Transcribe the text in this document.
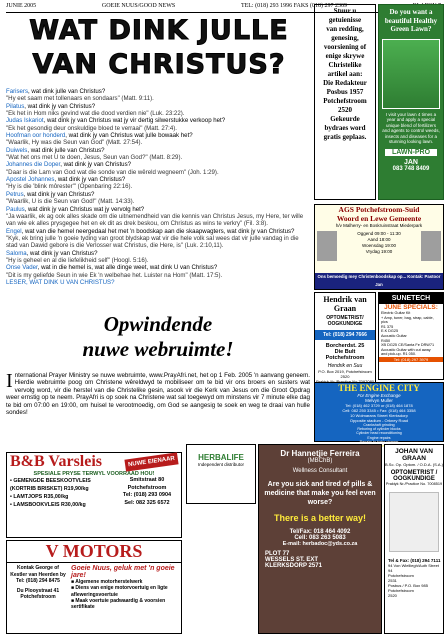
JUNIE 2005	GOEIE NUUS/GOOD NEWS	TEL: (018) 293 1996 FAKS (018) 297 2369
WAT DINK JULLE
VAN CHRISTUS?

Stuur u

getuienisse

van redding,

genesing,

voorsiening of

enige skrywe

Christelike

artikel aan:

Die Redakteur

Posbus 1957

Potchefstroom

2520

Gekeurde

bydraes word

gratis geplaas.

Farisers, wat dink julle van Christus?

"Hy eet saam met tollenaars en sondaars" (Matt. 9:11).

Pilatus, wat dink jy van Christus?

"Ek het in Hom niks gevind wat die dood verdien nie" (Luk. 23:22).

Judas Iskariot, wat dink jy van Christus wat jy vir dertig silwerstukke verkoop het?

"Ek het gesondig deur onskuldige bloed te verraai" (Matt. 27:4).

Hoofman oor honderd, wat dink jy van Christus wat julle bowaak het?

"Waarlik, Hy was die Seun van God" (Matt. 27:54).

Duiwels, wat dink julle van Christus?

"Wat het ons met U te doen, Jesus, Seun van God?" (Matt. 8:29).

Johannes die Doper, wat dink jy van Christus?

"Daar is die Lam van God wat die sonde van die wêreld wegneem" (Joh. 1:29).

Apostel Johannes, wat dink jy van Christus?

"Hy is die 'blink môrester'" (Openbaring 22:16).

Petrus, wat dink jy van Christus?

"Waarlik, U is die Seun van God!" (Matt. 14:33).

Paulus, wat dink jy van Christus wat jy vervolg het?

"Ja waarlik, ek ag ook alles skade om die uitnemendheid van die kennis van Christus Jesus, my Here, ter wille van wie ek alles prysgegee het en ek dit as drek beskou, om Christus as wins te verkry" (Fil. 3:8).

Engel, wat van die hemel neergedaal het met 'n boodskap aan die skaapwagters, wat dink jy van Christus?

"Kyk, ek bring julle 'n goeie tyding van groot blydskap wat vir die hele volk sal wees dat vir julle vandag in die stad van Dawid gebore is die Verlosser wat Christus, die Here, is" (Luk. 2:10,11).

Saloma, wat dink jy van Christus?

"Hy is geheel en al die liefelikheid self" (Hoogl. 5:16).

Onse Vader, wat in die hemel is, wat alle dinge weet, wat dink U van Christus?

"Dit is my geliefde Seun in wie Ek 'n welbehae het. Luister na Hom" (Matt. 17:5).

LESER, WAT DINK U VAN CHRISTUS?

Do you want a beautiful Healthy Green Lawn?
I visit your lawn 4 times a year and apply a special unique blend of fertilizers and agents to control weeds, insects and diseases for a stunning looking lawn.
LAWN-PRO
JAN
083 748 8409
AGS Potchefstroom-Suid
Woord en Lewe Gemeente
h/v Malherry- en Boskruinstraat Miederpark
Oggend 09:00 - 11:30
Aand 18:00
Woensdag 19:00
Vrydag 19:00
Ons bemoedig mey Christenboodskap op... Kontak: Pastoor Jan
Opwindende
nuwe webruimte!
International Prayer Ministry se nuwe webruimte, www.PrayAfri.net, het op 1 Feb. 2005 'n aanvang geneem. Hierdie webruimte poog om Christene wêreldwyd te mobiliseer om te bid vir ons broers en susters wat vervolg word, vir die herstel van die Christelike gesin, asook vir die Kerk van Jesus om die Groot Opdrag weer ernstig op te neem. PrayAfri is op soek na Christene wat sal toegewyd om minstens vir 7 minute elke dag te bid om 07:00 en 19:00, om huisel te verootmoedig, om God se aangesig te soek en weg te draai van hulle sondes!
Hendrik van Graan
OPTOMETRIST/ OOGKUNDIGE
Tel: (018) 294 7666
Borcherdst. 25
Die Bult
Potchefstroom
Hendrik en Suu
P.O. Box 2019, Potchefstroom 2520
SUNETECH
JUNE SPECIALS:
Electric Guitar Kit
+ Amp, tuner, bag, strap, cable, pics
R1 375
E.K DG25
Acoustic Guitar
R450
XB DG25 CE/Santa Fe DRW71
Acoustic Guitar with cut away
and pick-up. R1 050.
Tel: (018) 297 3979
THE ENGINE CITY
For Engine Exchange
Melvyn Muller
Tel: (018) 462 3729 or (018) 464 1878
Cell: 082 250 3345 • Fax: (018) 464 3358
10 Wolmarans Street Klerksdorp
Opposite stadium - Orkney Road
Crankshaft grinding
Reboring of cylinder blocks
Cylinder head reconditioning
Engine repairs
Repairs to turbo charger
used
B&B Varsleis	NUWE EIENAAR
SPESIALE PRYSE TERWYL VOORRAAD HOU!
• GEMENGDE BEESKOOTVLEIS (KORTRIB BRISKET) R19,90/kg
• LAMTJOPS R35,00/kg
• LAMSBOOKVLEIS R30,00/kg
Smitstraat 80
Potchefstroom
Tel: (018) 293 0904
Sel: 082 325 6572
V MOTORS
Kontak George of Kestler van Heerden by Tel: (018) 294 8475
Du Plooystraat 41 Potchefstroom
Goeie Nuus, geluk met 'n goeie jare!
■ Algemene motorherstelwerk
■ Diens van enige motorvoertuig en ligte afleweringsvoertuie
■ Maak voertuie padwaardig & voorsien sertifikate
HERBALIFE
Independent distributor
Dr Hannetjie Ferreira
(MBChB)
Wellness Consultant
Are you sick and tired of pills & medicine that make you feel even worse?
There is a better way!
Tel/Fax: 018 464 4092
Cell: 083 263 5083
E-mail: herbadoc@yds.co.za
PLOT 77
WESSELS ST. EXT
KLERKSDORP 2571
JOHAN VAN GRAAN
B.Sc. Op. Optom. / O.D.A. (S.A.)
OPTOMETRIST / OOGKUNDIGE
Praktyk Nr./Practice No. 7008519
Tel & Fax: (018) 294 7111
94 Von Wielliegh/Auth Street 94
Potchefstroom
2531
Posbus / P.O. Box 985
Potchefstroom
2520
